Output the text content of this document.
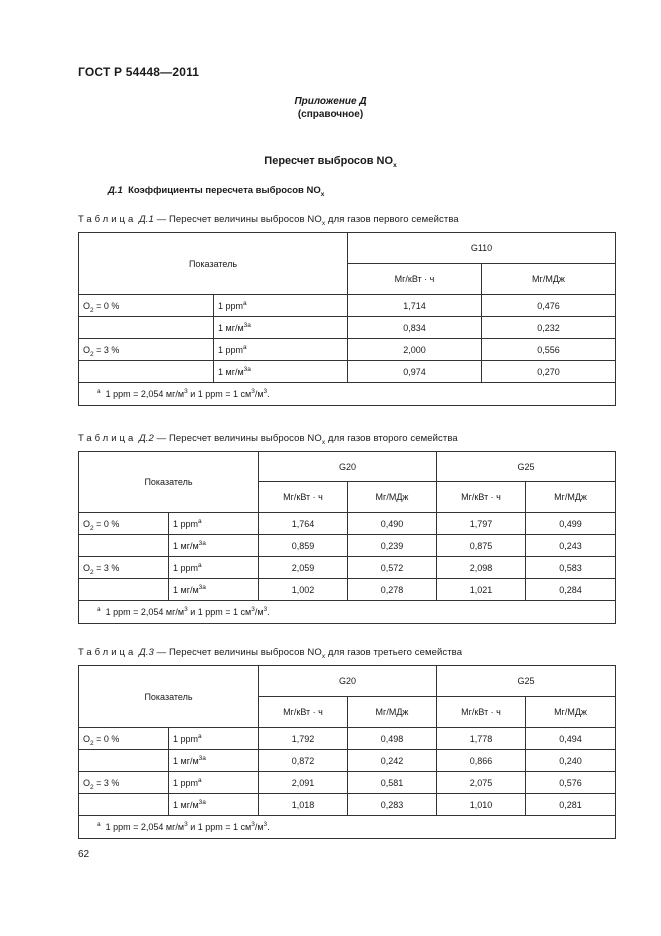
ГОСТ Р 54448—2011
Приложение Д
(справочное)
Пересчет выбросов $NO_x$
Д.1 Коэффициенты пересчета выбросов $NO_x$
Таблица Д.1 — Пересчет величины выбросов $NO_x$ для газов первого семейства
Показатель		G110	
		Мг/кВт · ч	Мг/МДж
$O_2 = 0$ %	1 ppm$^a$	1,714	0,476
	1 $мг/м^{3a}$	0,834	0,232
$O_2 = 3$ %	1 ppm$^a$	2,000	0,556
	1 $мг/м^{3a}$	0,974	0,270
$^a$ 1 ppm = 2,054 $мг/м^3$ и 1 ppm = 1 $см^3/м^3$.			
Таблица Д.2 — Пересчет величины выбросов $NO_x$ для газов второго семейства
Показатель		G20		G25	
		Мг/кВт · ч	Мг/МДж	Мг/кВт · ч	Мг/МДж
$O_2 = 0$ %	1 ppm$^a$	1,764	0,490	1,797	0,499
	1 $мг/м^{3a}$	0,859	0,239	0,875	0,243
$O_2 = 3$ %	1 ppm$^a$	2,059	0,572	2,098	0,583
	1 $мг/м^{3a}$	1,002	0,278	1,021	0,284
$^a$ 1 ppm = 2,054 $мг/м^3$ и 1 ppm = 1 $см^3/м^3$.					
Таблица Д.3 — Пересчет величины выбросов $NO_x$ для газов третьего семейства
Показатель		G20		G25	
		Мг/кВт · ч	Мг/МДж	Мг/кВт · ч	Мг/МДж
$O_2 = 0$ %	1 ppm$^a$	1,792	0,498	1,778	0,494
	1 $мг/м^{3a}$	0,872	0,242	0,866	0,240
$O_2 = 3$ %	1 ppm$^a$	2,091	0,581	2,075	0,576
	1 $мг/м^{3a}$	1,018	0,283	1,010	0,281
$^a$ 1 ppm = 2,054 $мг/м^3$ и 1 ppm = 1 $см^3/м^3$.					
62
